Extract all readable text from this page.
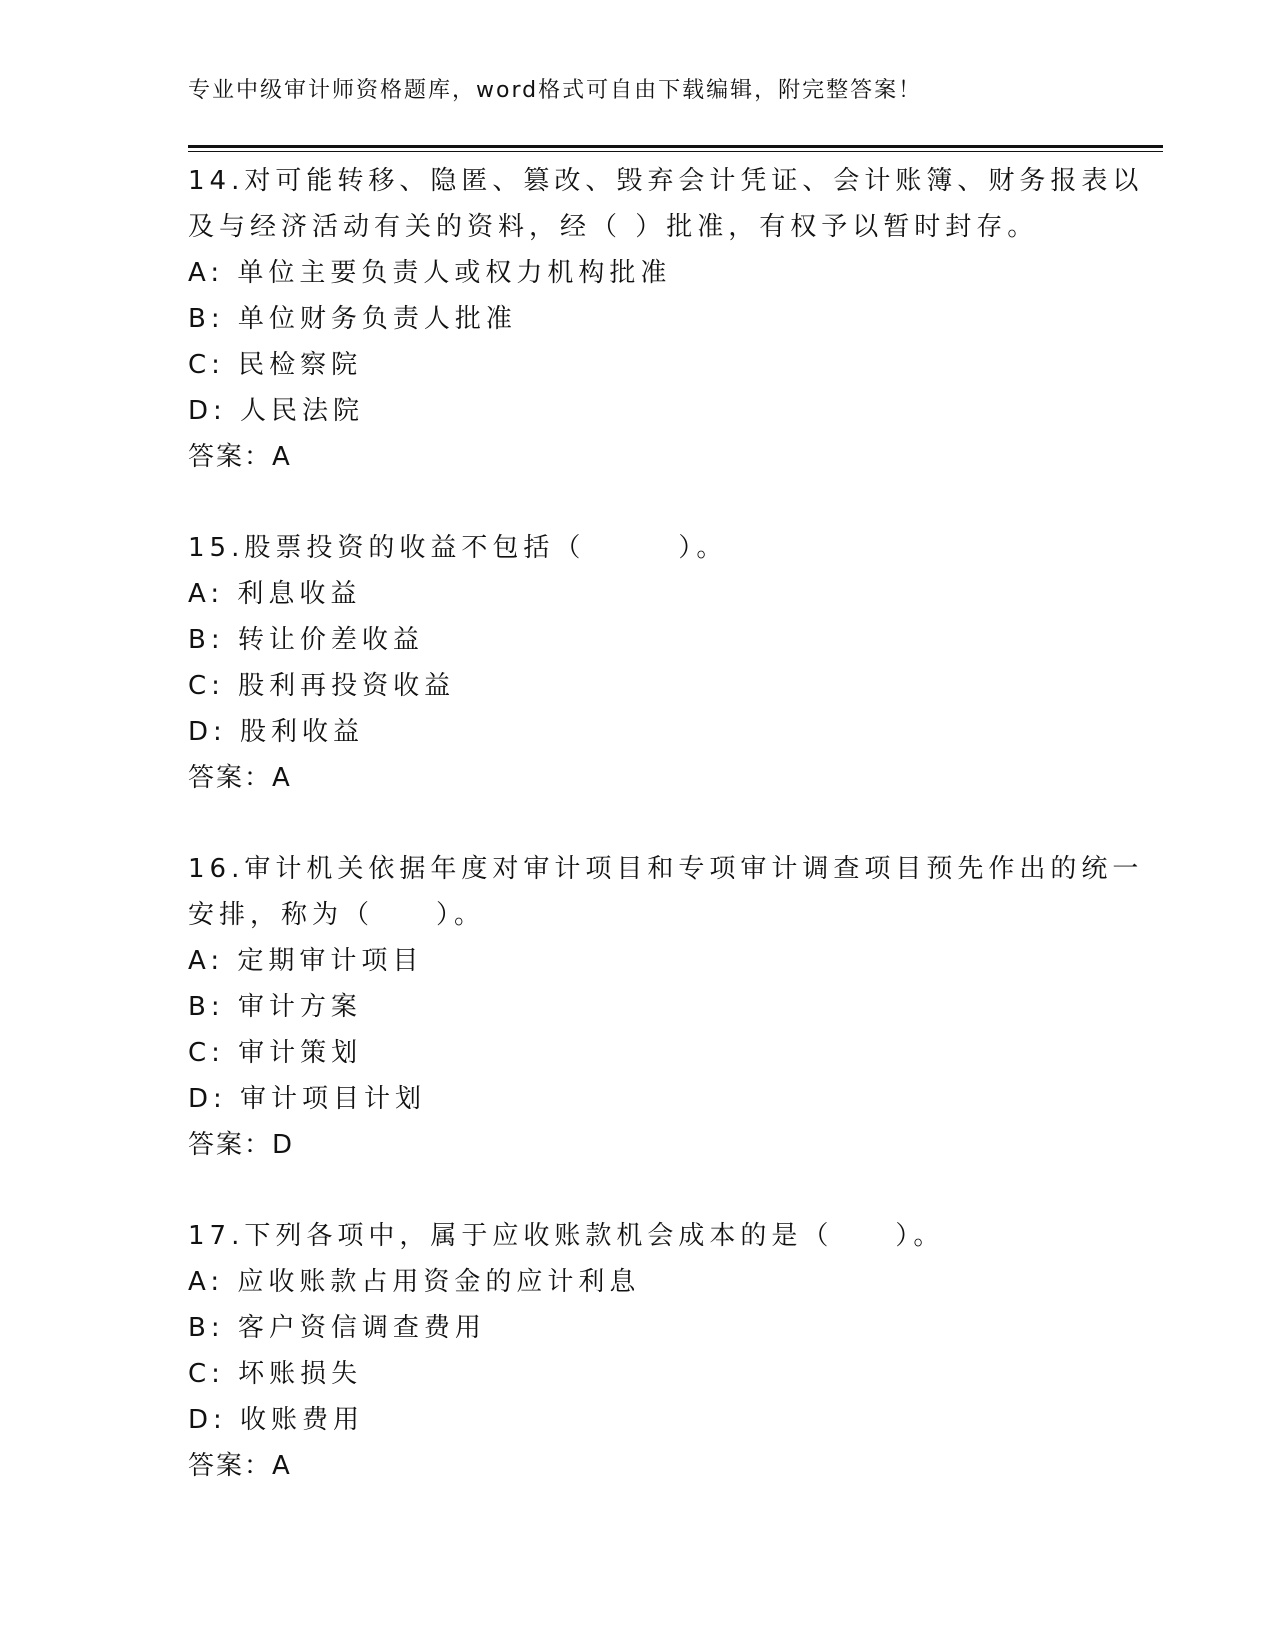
专业中级审计师资格题库，word格式可自由下载编辑，附完整答案！
14.对可能转移、隐匿、篡改、毁弃会计凭证、会计账簿、财务报表以
及与经济活动有关的资料，经（ ）批准，有权予以暂时封存。
A: 单位主要负责人或权力机构批准
B: 单位财务负责人批准
C: 民检察院
D: 人民法院
答案：A
15.股票投资的收益不包括（　　　）。
A: 利息收益
B: 转让价差收益
C: 股利再投资收益
D: 股利收益
答案：A
16.审计机关依据年度对审计项目和专项审计调查项目预先作出的统一
安排，称为（　　）。
A: 定期审计项目
B: 审计方案
C: 审计策划
D: 审计项目计划
答案：D
17.下列各项中，属于应收账款机会成本的是（　　）。
A: 应收账款占用资金的应计利息
B: 客户资信调查费用
C: 坏账损失
D: 收账费用
答案：A
